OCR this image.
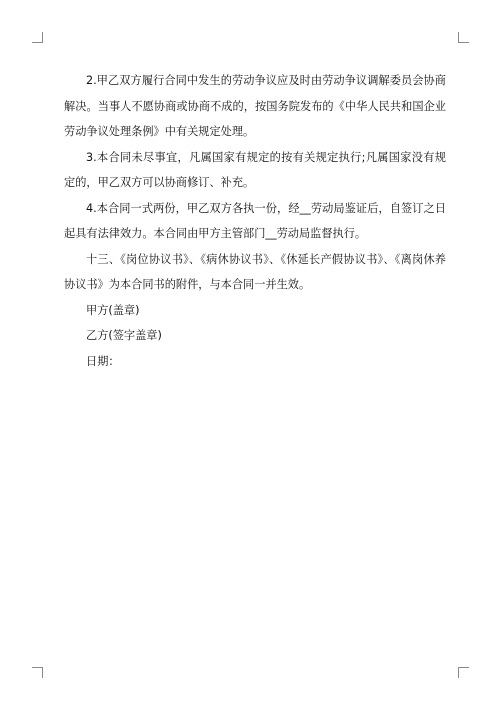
2.甲乙双方履行合同中发生的劳动争议应及时由劳动争议调解委员会协商解决。当事人不愿协商或协商不成的，按国务院发布的《中华人民共和国企业劳动争议处理条例》中有关规定处理。

3.本合同未尽事宜，凡属国家有规定的按有关规定执行;凡属国家没有规定的，甲乙双方可以协商修订、补充。

4.本合同一式两份，甲乙双方各执一份，经__劳动局鉴证后，自签订之日起具有法律效力。本合同由甲方主管部门__劳动局监督执行。

十三、《岗位协议书》、《病休协议书》、《休延长产假协议书》、《离岗休养协议书》为本合同书的附件，与本合同一并生效。

甲方(盖章)

乙方(签字盖章)

日期：
